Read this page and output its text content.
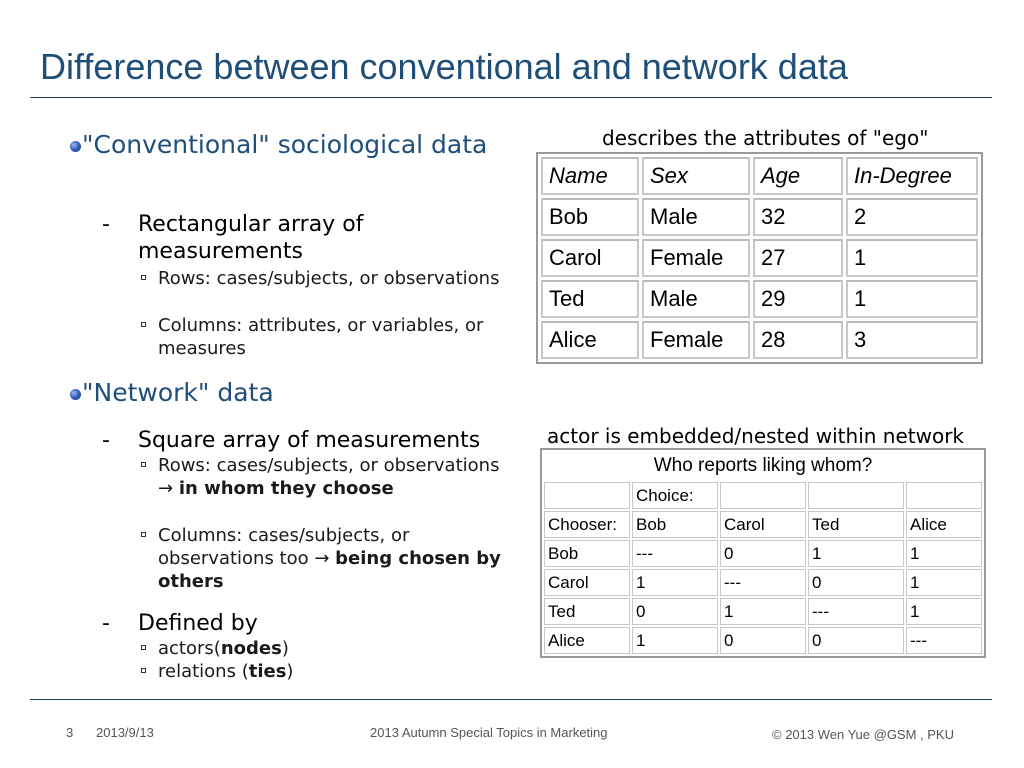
Difference between conventional and network data
"Conventional" sociological data
- Rectangular array of measurements
Rows: cases/subjects, or observations
Columns: attributes, or variables, or measures
"Network" data
- Square array of measurements
Rows: cases/subjects, or observations → in whom they choose
Columns: cases/subjects, or observations too → being chosen by others
- Defined by
actors(nodes)
relations (ties)
describes the attributes of "ego"
Name	Sex	Age	In-Degree
Bob	Male	32	2
Carol	Female	27	1
Ted	Male	29	1
Alice	Female	28	3
actor is embedded/nested within network
Who reports liking whom?				
	Choice:			
Chooser:	Bob	Carol	Ted	Alice
Bob	---	0	1	1
Carol	1	---	0	1
Ted	0	1	---	1
Alice	1	0	0	---
3 2013/9/13	2013 Autumn Special Topics in Marketing	© 2013 Wen Yue @GSM , PKU
